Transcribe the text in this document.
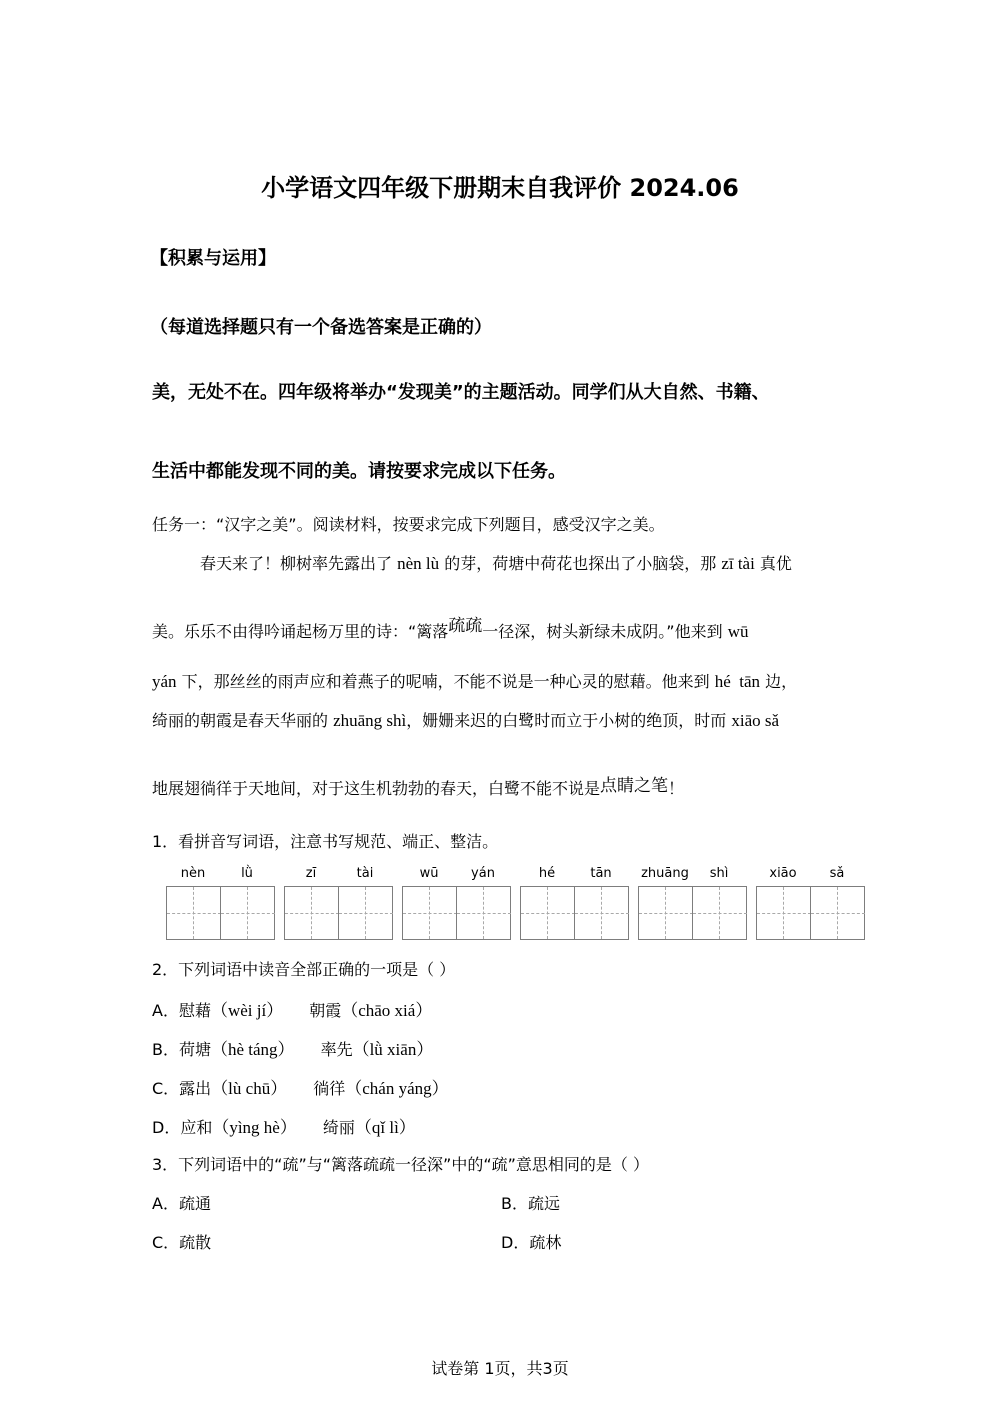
小学语文四年级下册期末自我评价 2024.06
【积累与运用】
（每道选择题只有一个备选答案是正确的）
美，无处不在。四年级将举办“发现美”的主题活动。同学们从大自然、书籍、
生活中都能发现不同的美。请按要求完成以下任务。
任务一：“汉字之美”。阅读材料，按要求完成下列题目，感受汉字之美。
春天来了！柳树率先露出了 nèn lù 的芽，荷塘中荷花也探出了小脑袋，那 zī tài 真优
美。乐乐不由得吟诵起杨万里的诗：“篱落疏疏一径深，树头新绿未成阴。”他来到 wū
yán 下，那丝丝的雨声应和着燕子的呢喃，不能不说是一种心灵的慰藉。他来到 hé  tān 边，
绮丽的朝霞是春天华丽的 zhuāng shì，姗姗来迟的白鹭时而立于小树的绝顶，时而 xiāo sǎ
地展翅徜徉于天地间，对于这生机勃勃的春天，白鹭不能不说是点睛之笔！
1．看拼音写词语，注意书写规范、端正、整洁。
nèn	lǜ	zī	tài	wū	yán	hé	tān	zhuāng	shì	xiāo	sǎ
2．下列词语中读音全部正确的一项是（ ）
A．慰藉（wèi jí） 朝霞（chāo xiá）
B．荷塘（hè táng） 率先（lǜ xiān）
C．露出（lù chū） 徜徉（chán yáng）
D．应和（yìng hè） 绮丽（qǐ lì）
3．下列词语中的“疏”与“篱落疏疏一径深”中的“疏”意思相同的是（ ）
A．疏通	B．疏远
C．疏散	D．疏林
试卷第 1页，共3页
